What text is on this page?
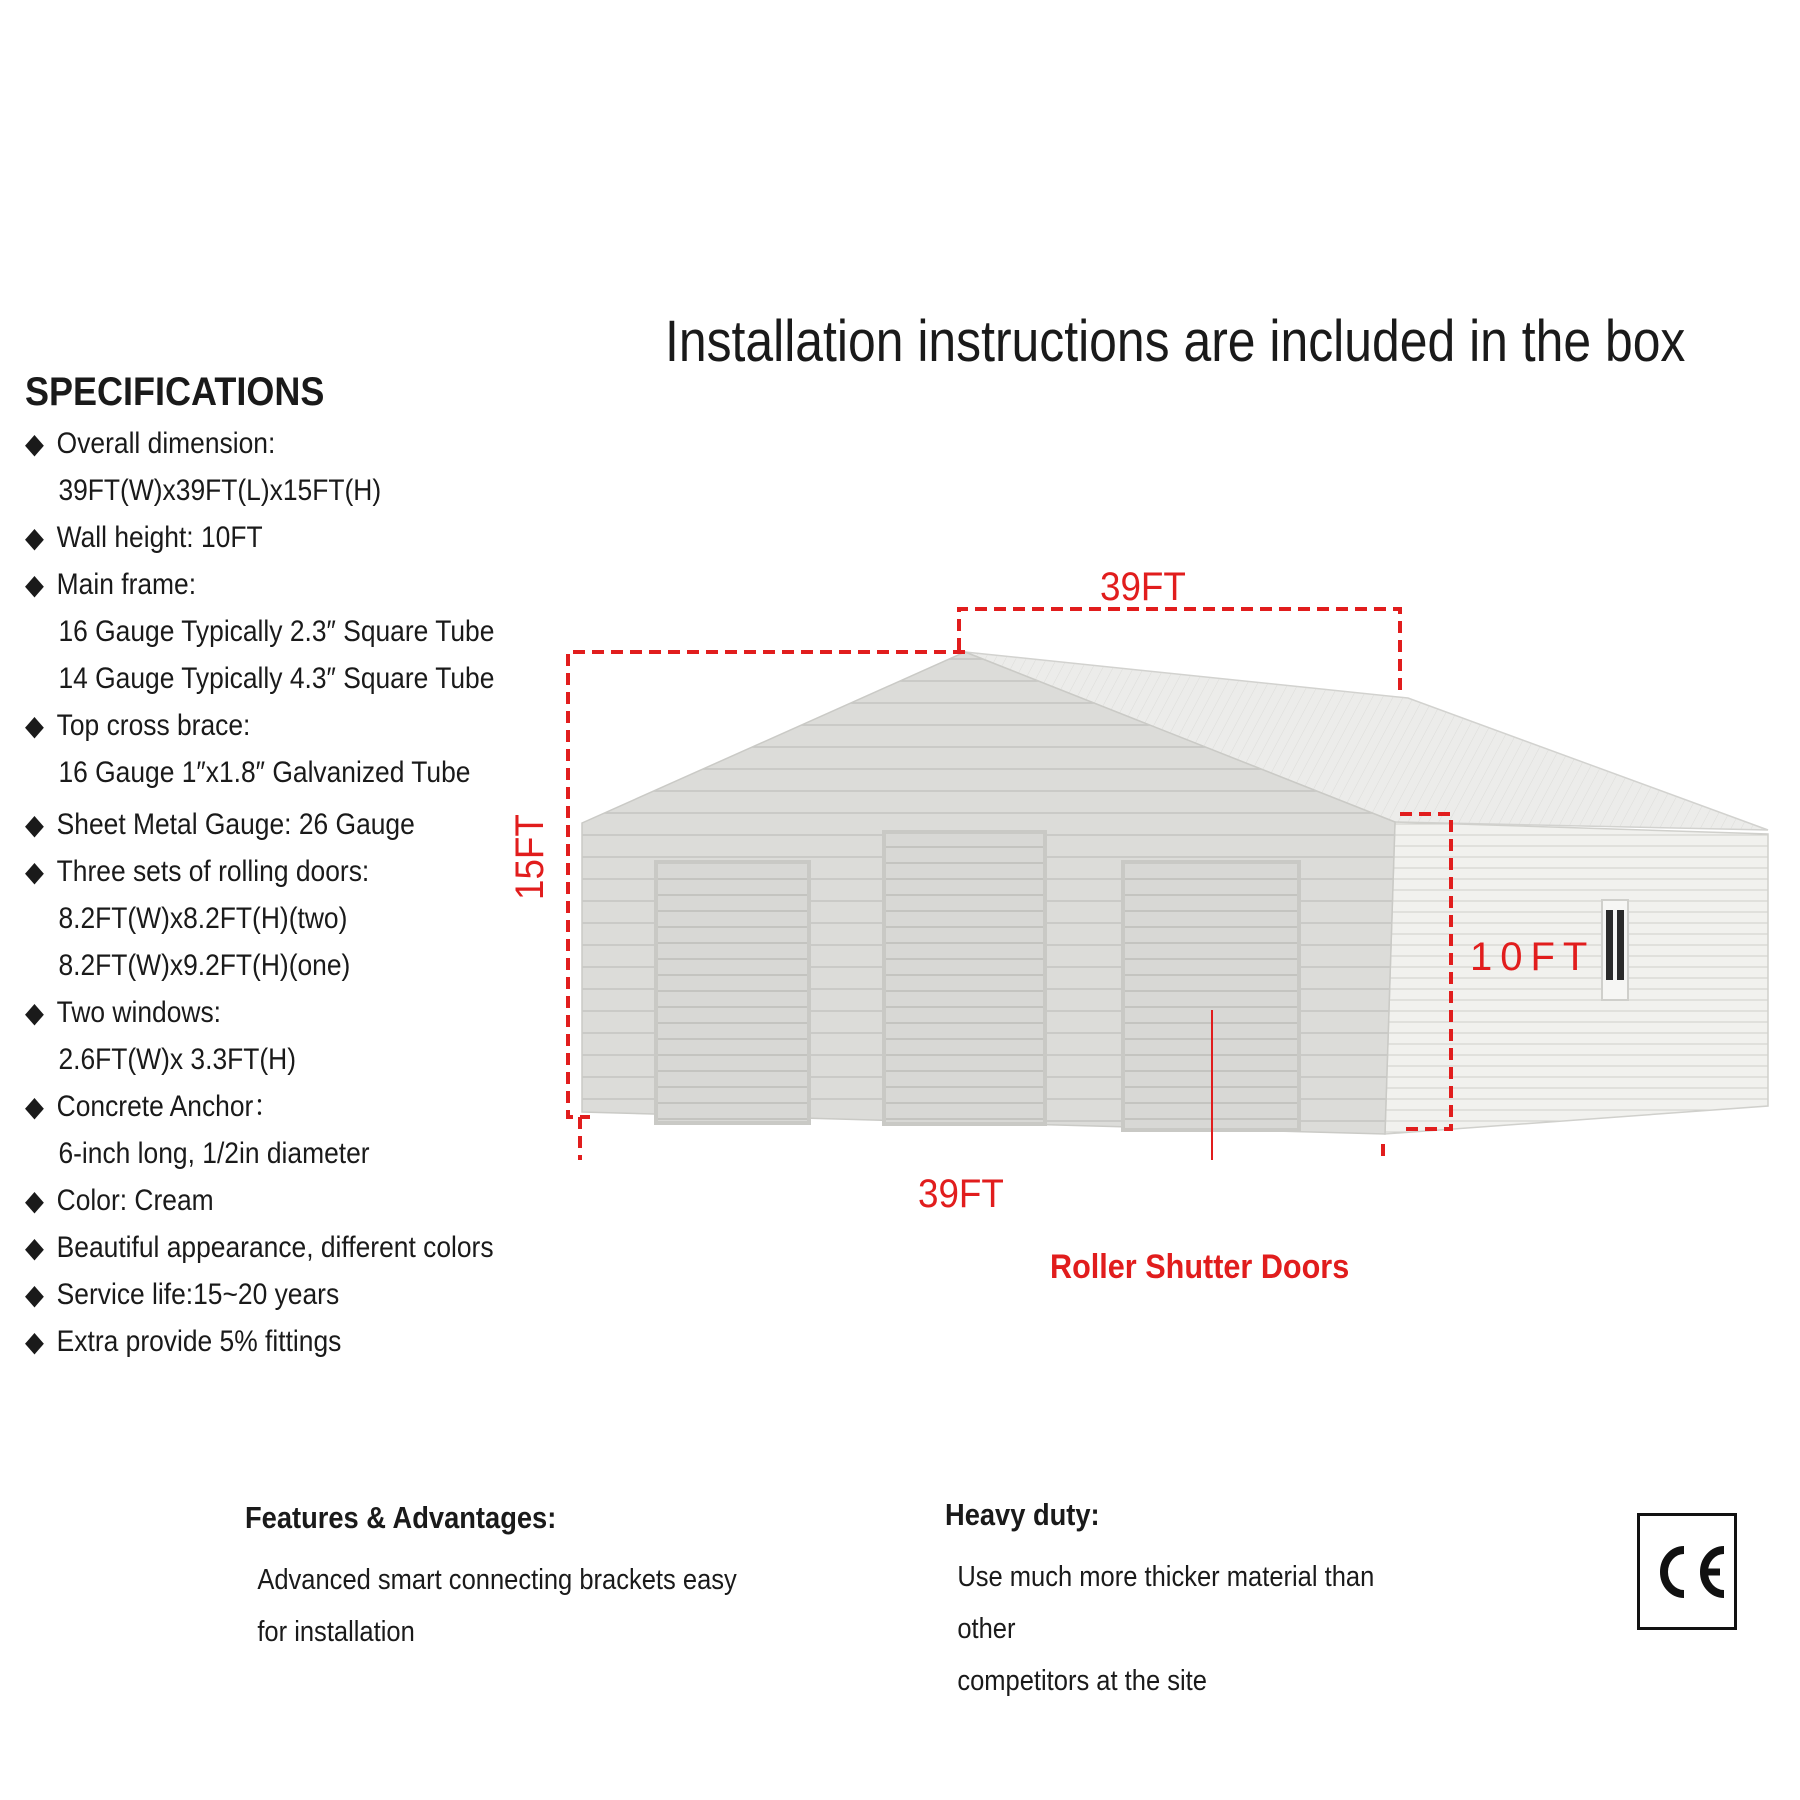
Installation instructions are included in the box
SPECIFICATIONS
◆ Overall dimension:
39FT(W)x39FT(L)x15FT(H)
◆ Wall height: 10FT
◆ Main frame:
16 Gauge Typically 2.3″ Square Tube
14 Gauge Typically 4.3″ Square Tube
◆ Top cross brace:
16 Gauge 1″x1.8″ Galvanized Tube
◆ Sheet Metal Gauge: 26 Gauge
◆ Three sets of rolling doors:
8.2FT(W)x8.2FT(H)(two)
8.2FT(W)x9.2FT(H)(one)
◆ Two windows:
2.6FT(W)x 3.3FT(H)
◆ Concrete Anchor：
6-inch long, 1/2in diameter
◆ Color: Cream
◆ Beautiful appearance, different colors
◆ Service life:15~20 years
◆ Extra provide 5% fittings
39FT
15FT
10FT
39FT
Roller Shutter Doors
Features & Advantages:
Advanced smart connecting brackets easy
for installation
Heavy duty:
Use much more thicker material than other
competitors at the site
